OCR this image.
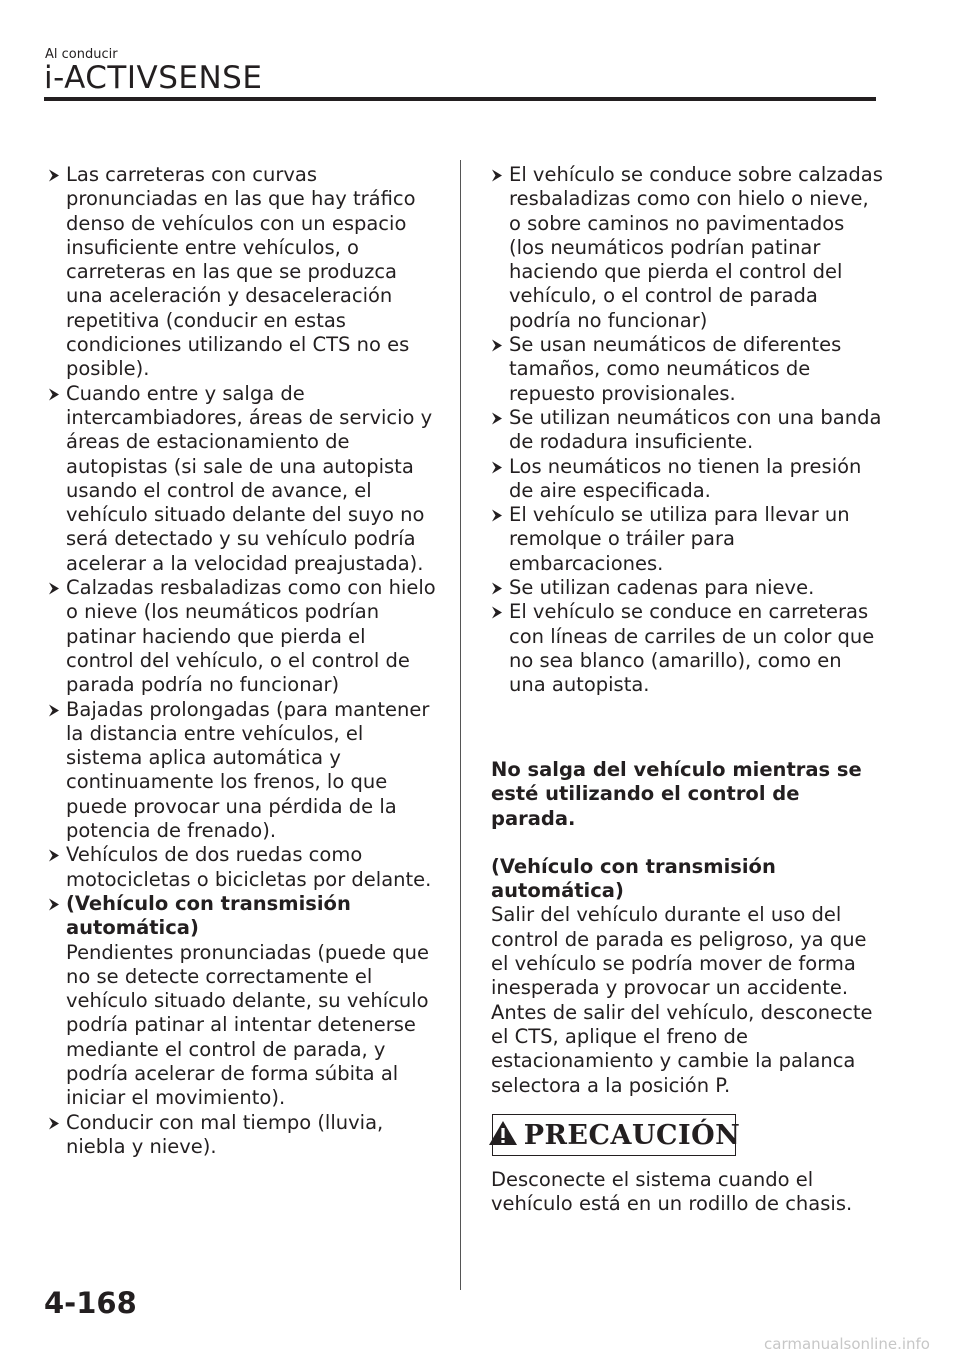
Al conducir
i-ACTIVSENSE
Las carreteras con curvas pronunciadas en las que hay tráfico denso de vehículos con un espacio insuficiente entre vehículos, o carreteras en las que se produzca una aceleración y desaceleración repetitiva (conducir en estas condiciones utilizando el CTS no es posible).
Cuando entre y salga de intercambiadores, áreas de servicio y áreas de estacionamiento de autopistas (si sale de una autopista usando el control de avance, el vehículo situado delante del suyo no será detectado y su vehículo podría acelerar a la velocidad preajustada).
Calzadas resbaladizas como con hielo o nieve (los neumáticos podrían patinar haciendo que pierda el control del vehículo, o el control de parada podría no funcionar)
Bajadas prolongadas (para mantener la distancia entre vehículos, el sistema aplica automática y continuamente los frenos, lo que puede provocar una pérdida de la potencia de frenado).
Vehículos de dos ruedas como motocicletas o bicicletas por delante.
(Vehículo con transmisión automática)
Pendientes pronunciadas (puede que no se detecte correctamente el vehículo situado delante, su vehículo podría patinar al intentar detenerse mediante el control de parada, y podría acelerar de forma súbita al iniciar el movimiento).
Conducir con mal tiempo (lluvia, niebla y nieve).
El vehículo se conduce sobre calzadas resbaladizas como con hielo o nieve, o sobre caminos no pavimentados (los neumáticos podrían patinar haciendo que pierda el control del vehículo, o el control de parada podría no funcionar)
Se usan neumáticos de diferentes tamaños, como neumáticos de repuesto provisionales.
Se utilizan neumáticos con una banda de rodadura insuficiente.
Los neumáticos no tienen la presión de aire especificada.
El vehículo se utiliza para llevar un remolque o tráiler para embarcaciones.
Se utilizan cadenas para nieve.
El vehículo se conduce en carreteras con líneas de carriles de un color que no sea blanco (amarillo), como en una autopista.

No salga del vehículo mientras se esté utilizando el control de parada.

(Vehículo con transmisión automática)

Salir del vehículo durante el uso del control de parada es peligroso, ya que el vehículo se podría mover de forma inesperada y provocar un accidente. Antes de salir del vehículo, desconecte el CTS, aplique el freno de estacionamiento y cambie la palanca selectora a la posición P.

PRECAUCIÓN

Desconecte el sistema cuando el vehículo está en un rodillo de chasis.

4-168
carmanualsonline.info
